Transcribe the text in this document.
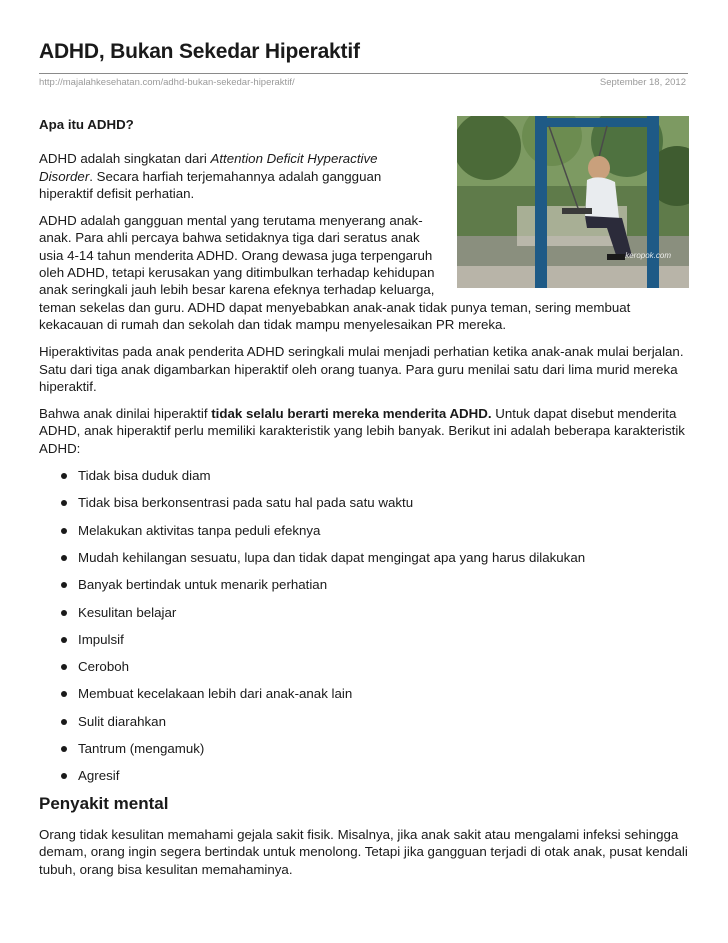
ADHD, Bukan Sekedar Hiperaktif
http://majalahkesehatan.com/adhd-bukan-sekedar-hiperaktif/	September 18, 2012
keropok.com
Apa itu ADHD?

ADHD adalah singkatan dari Attention Deficit Hyperactive Disorder. Secara harfiah terjemahannya adalah gangguan hiperaktif defisit perhatian.

ADHD adalah gangguan mental yang terutama menyerang anak-anak. Para ahli percaya bahwa setidaknya tiga dari seratus anak usia 4-14 tahun menderita ADHD. Orang dewasa juga terpengaruh oleh ADHD, tetapi kerusakan yang ditimbulkan terhadap kehidupan anak seringkali jauh lebih besar karena efeknya terhadap keluarga, teman sekelas dan guru. ADHD dapat menyebabkan anak-anak tidak punya teman, sering membuat kekacauan di rumah dan sekolah dan tidak mampu menyelesaikan PR mereka.

Hiperaktivitas pada anak penderita ADHD seringkali mulai menjadi perhatian ketika anak-anak mulai berjalan. Satu dari tiga anak digambarkan hiperaktif oleh orang tuanya. Para guru menilai satu dari lima murid mereka hiperaktif.

Bahwa anak dinilai hiperaktif tidak selalu berarti mereka menderita ADHD. Untuk dapat disebut menderita ADHD, anak hiperaktif perlu memiliki karakteristik yang lebih banyak. Berikut ini adalah beberapa karakteristik ADHD:

Tidak bisa duduk diam
Tidak bisa berkonsentrasi pada satu hal pada satu waktu
Melakukan aktivitas tanpa peduli efeknya
Mudah kehilangan sesuatu, lupa dan tidak dapat mengingat apa yang harus dilakukan
Banyak bertindak untuk menarik perhatian
Kesulitan belajar
Impulsif
Ceroboh
Membuat kecelakaan lebih dari anak-anak lain
Sulit diarahkan
Tantrum (mengamuk)
Agresif
Penyakit mental

Orang tidak kesulitan memahami gejala sakit fisik. Misalnya, jika anak sakit atau mengalami infeksi sehingga demam, orang ingin segera bertindak untuk menolong. Tetapi jika gangguan terjadi di otak anak, pusat kendali tubuh, orang bisa kesulitan memahaminya.
